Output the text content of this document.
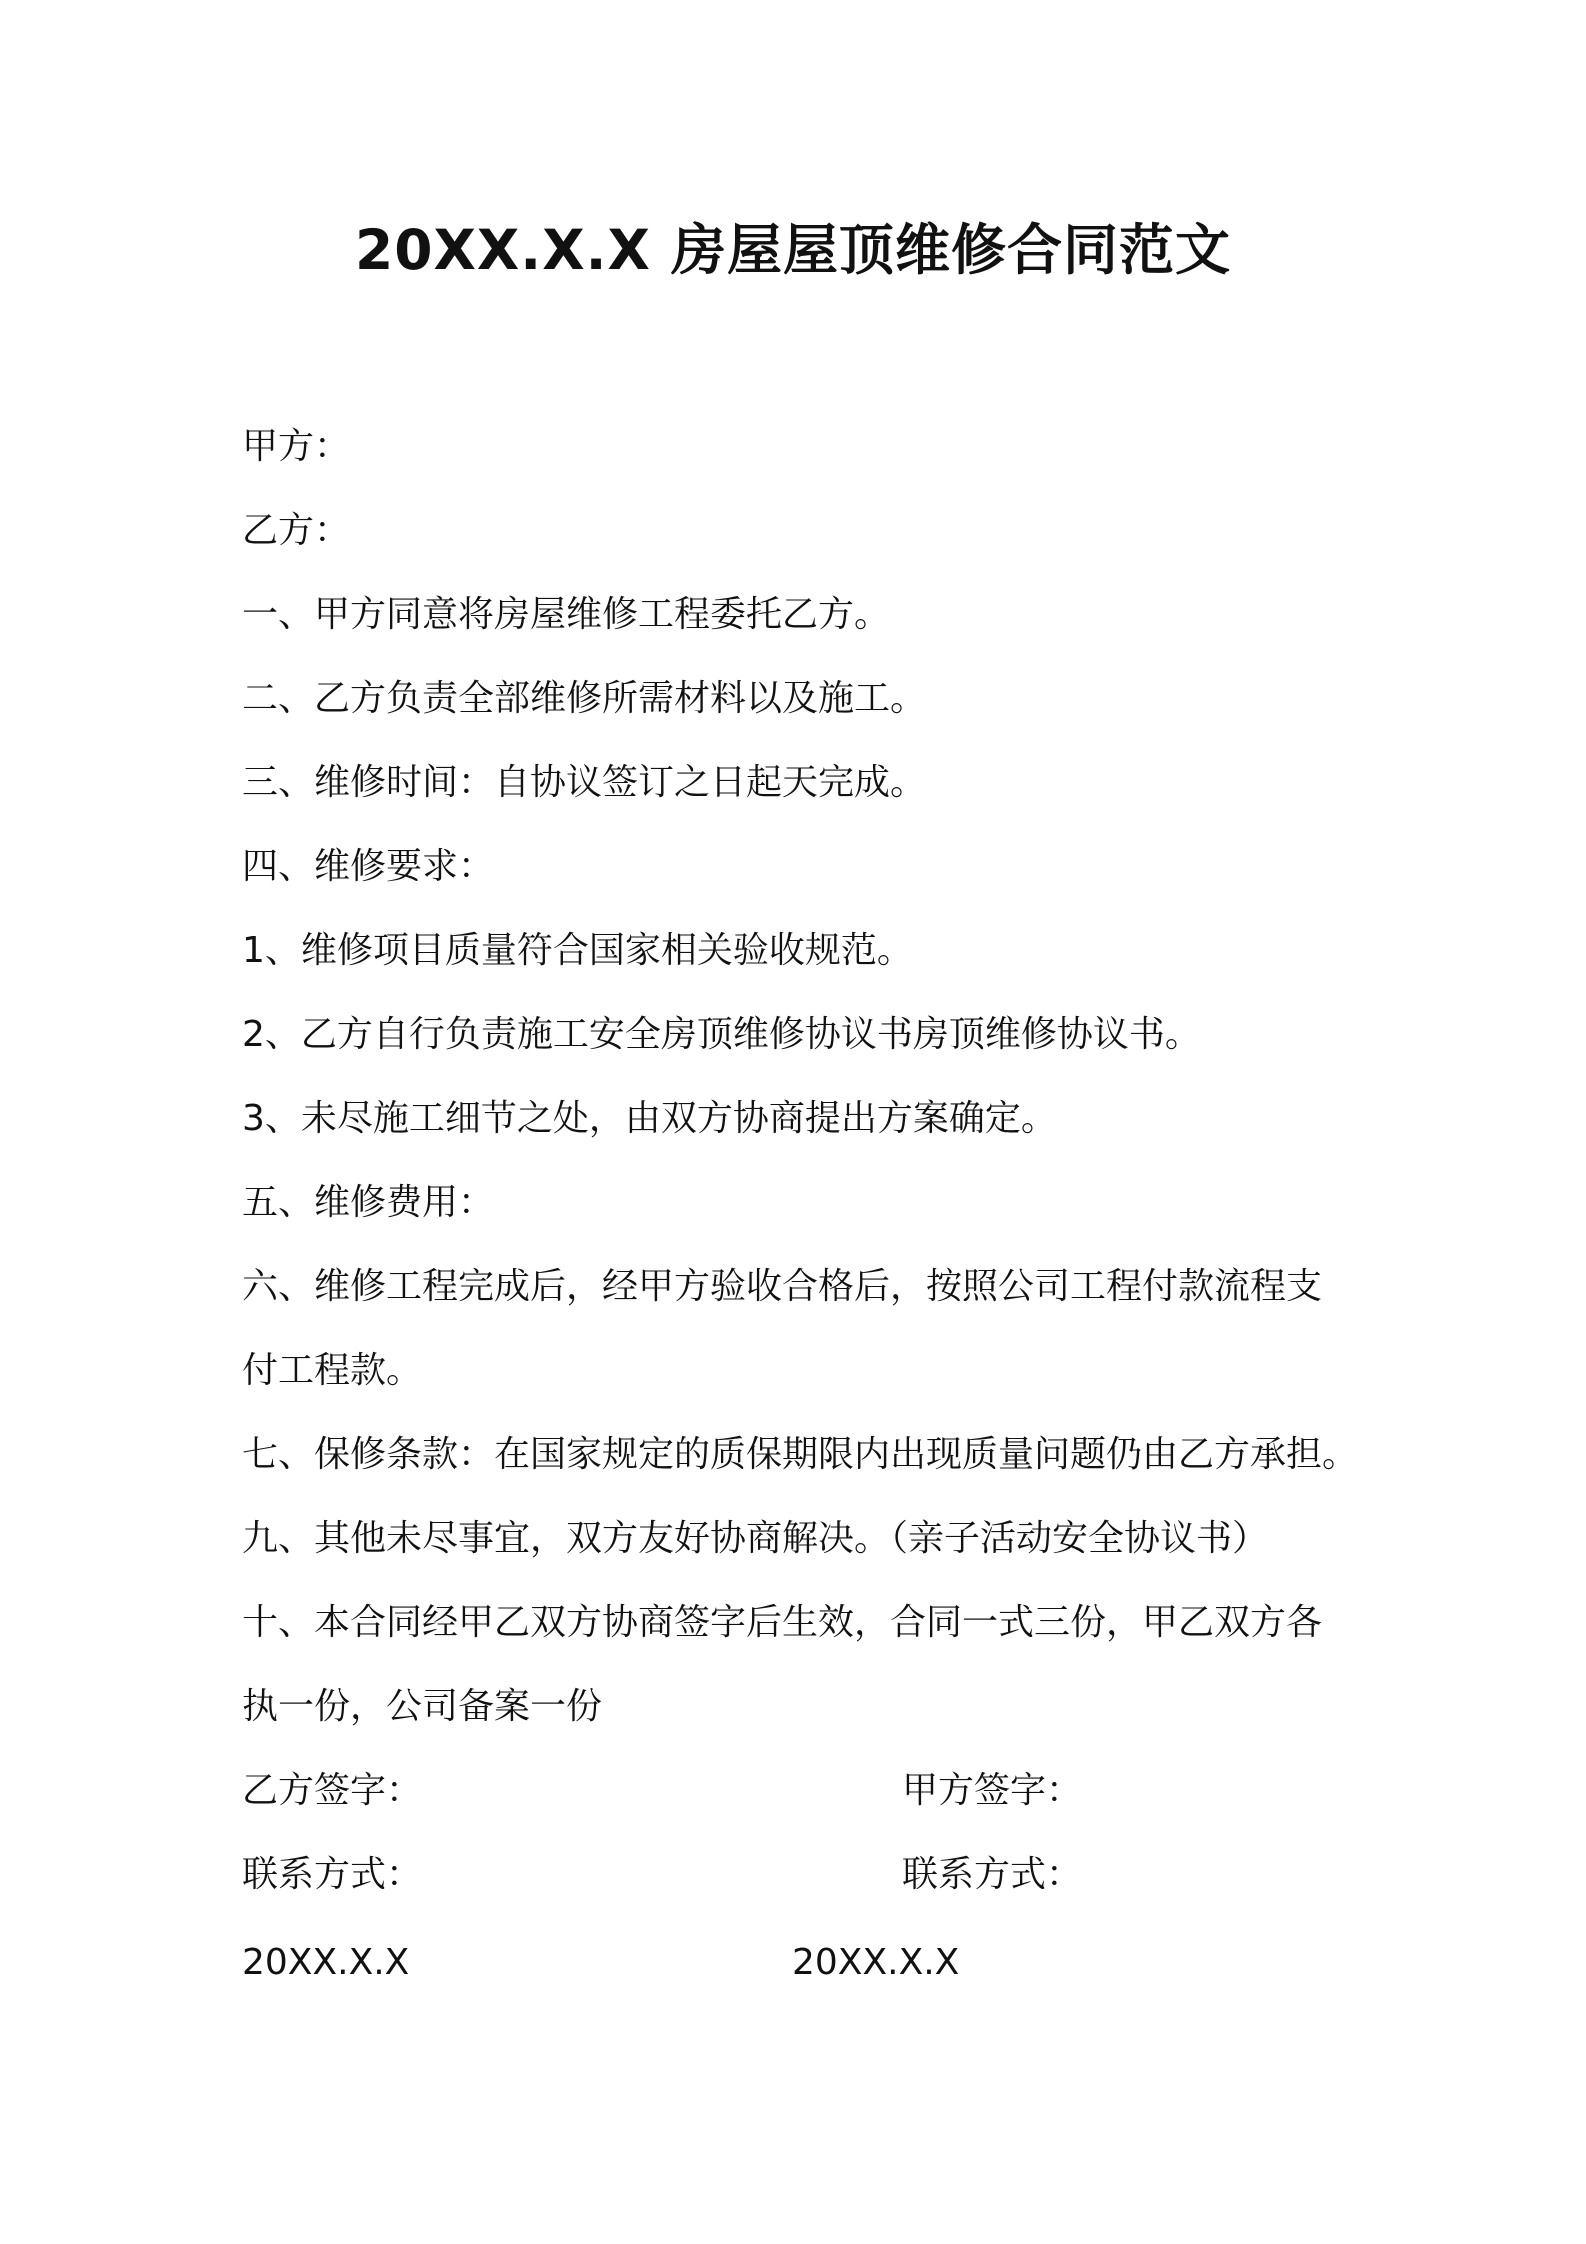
20XX.X.X 房屋屋顶维修合同范文
甲方：
乙方：
一、甲方同意将房屋维修工程委托乙方。
二、乙方负责全部维修所需材料以及施工。
三、维修时间：自协议签订之日起天完成。
四、维修要求：
1、维修项目质量符合国家相关验收规范。
2、乙方自行负责施工安全房顶维修协议书房顶维修协议书。
3、未尽施工细节之处，由双方协商提出方案确定。
五、维修费用：
六、维修工程完成后，经甲方验收合格后，按照公司工程付款流程支
付工程款。
七、保修条款：在国家规定的质保期限内出现质量问题仍由乙方承担。
九、其他未尽事宜，双方友好协商解决。（亲子活动安全协议书）
十、本合同经甲乙双方协商签字后生效，合同一式三份，甲乙双方各
执一份，公司备案一份
乙方签字：	甲方签字：
联系方式：	联系方式：
20XX.X.X	20XX.X.X
